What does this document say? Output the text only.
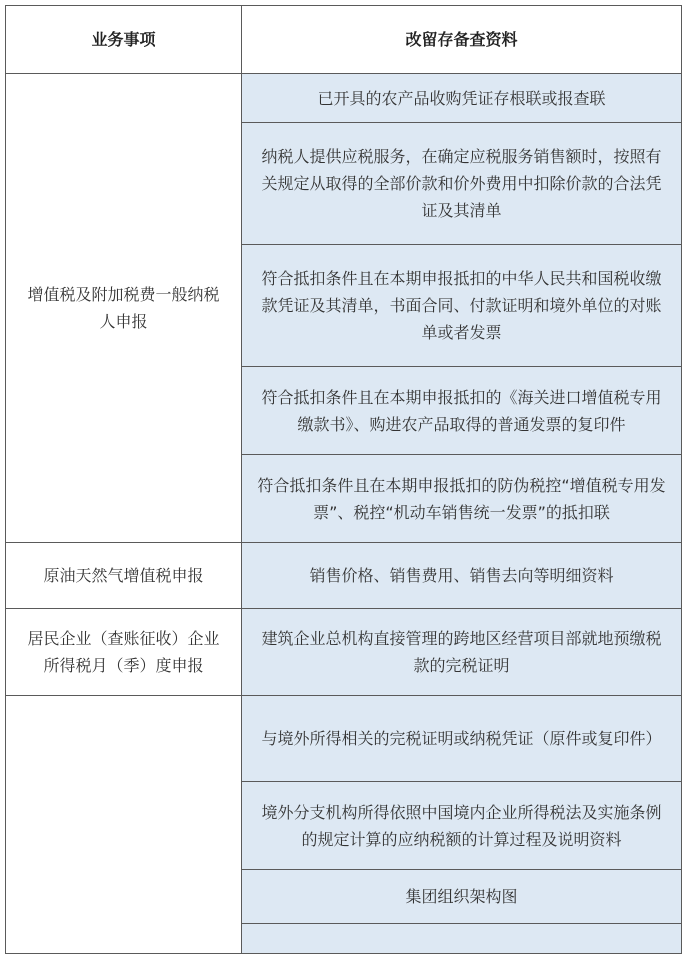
业务事项	改留存备查资料
增值税及附加税费一般纳税人申报	已开具的农产品收购凭证存根联或报查联
	纳税人提供应税服务，在确定应税服务销售额时，按照有关规定从取得的全部价款和价外费用中扣除价款的合法凭证及其清单
	符合抵扣条件且在本期申报抵扣的中华人民共和国税收缴款凭证及其清单，书面合同、付款证明和境外单位的对账单或者发票
	符合抵扣条件且在本期申报抵扣的《海关进口增值税专用缴款书》、购进农产品取得的普通发票的复印件
	符合抵扣条件且在本期申报抵扣的防伪税控“增值税专用发票”、税控“机动车销售统一发票”的抵扣联
原油天然气增值税申报	销售价格、销售费用、销售去向等明细资料
居民企业（查账征收）企业所得税月（季）度申报	建筑企业总机构直接管理的跨地区经营项目部就地预缴税款的完税证明
	与境外所得相关的完税证明或纳税凭证（原件或复印件）
	境外分支机构所得依照中国境内企业所得税法及实施条例的规定计算的应纳税额的计算过程及说明资料
	集团组织架构图
